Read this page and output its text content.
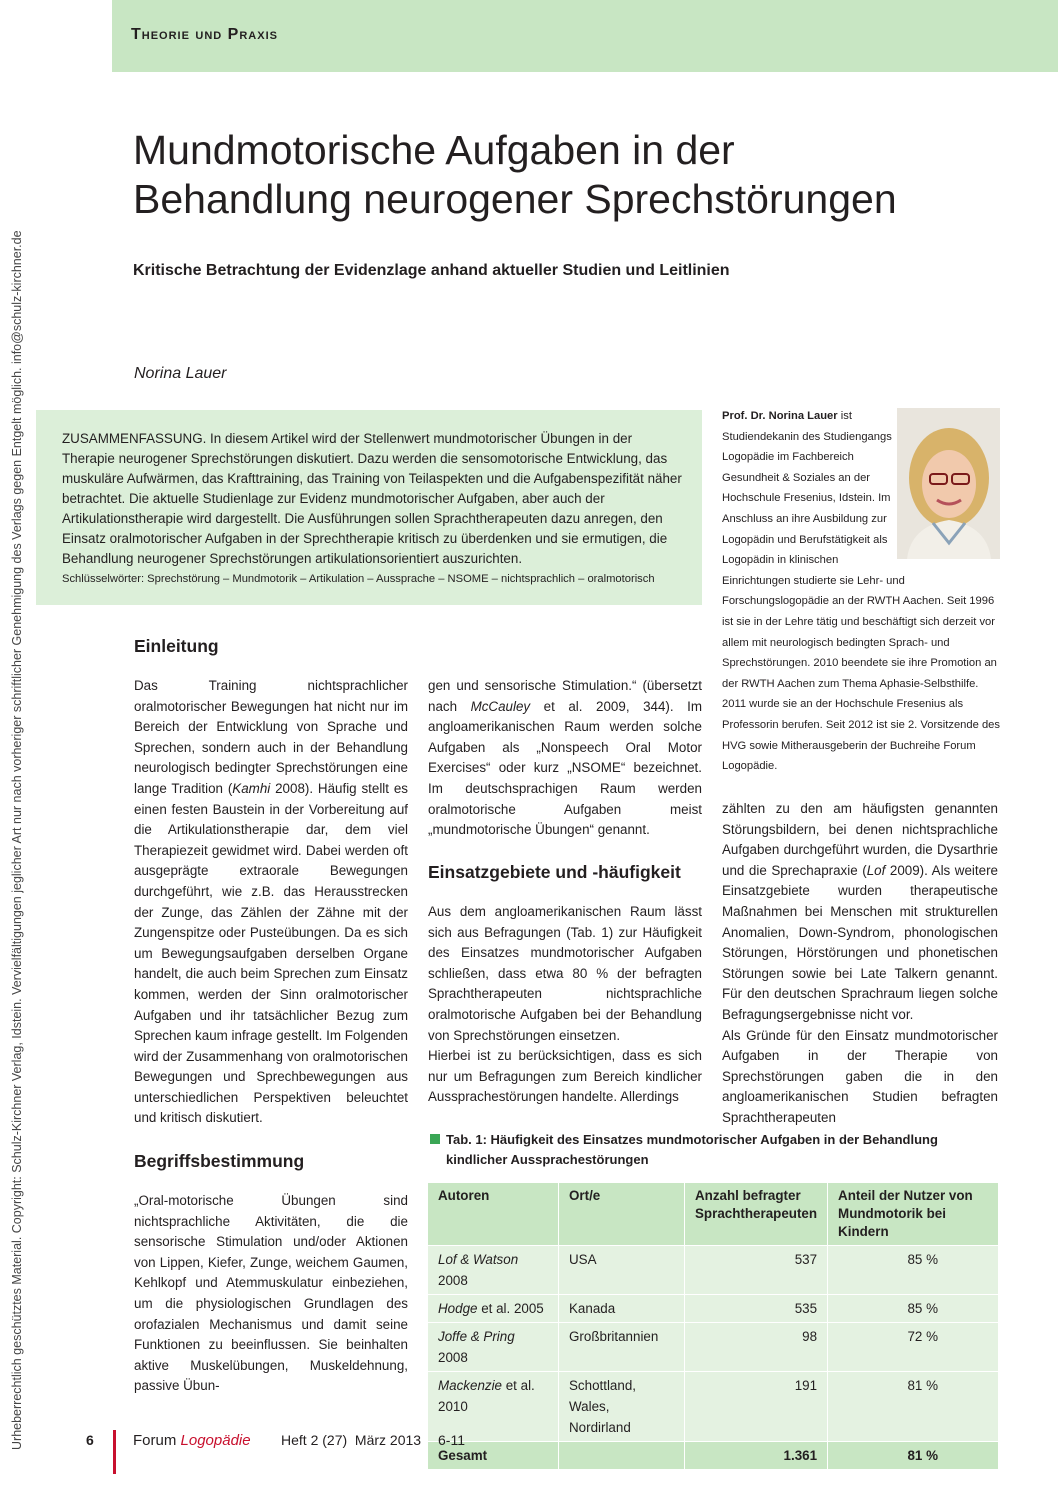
Theorie und Praxis
Urheberrechtlich geschütztes Material. Copyright: Schulz-Kirchner Verlag, Idstein. Vervielfältigungen jeglicher Art nur nach vorheriger schriftlicher Genehmigung des Verlags gegen Entgelt möglich. info@schulz-kirchner.de
Mundmotorische Aufgaben in der
Behandlung neurogener Sprechstörungen
Kritische Betrachtung der Evidenzlage anhand aktueller Studien und Leitlinien
Norina Lauer
ZUSAMMENFASSUNG. In diesem Artikel wird der Stellenwert mundmotorischer Übungen in der Therapie neurogener Sprechstörungen diskutiert. Dazu werden die sensomotorische Entwicklung, das muskuläre Aufwärmen, das Krafttraining, das Training von Teilaspekten und die Aufgabenspezifität näher betrachtet. Die aktuelle Studienlage zur Evidenz mundmotorischer Aufgaben, aber auch der Artikulationstherapie wird dargestellt. Die Ausführungen sollen Sprachtherapeuten dazu anregen, den Einsatz oralmotorischer Aufgaben in der Sprechtherapie kritisch zu überdenken und sie ermutigen, die Behandlung neurogener Sprechstörungen artikulationsorientiert auszurichten.
Schlüsselwörter: Sprechstörung – Mundmotorik – Artikulation – Aussprache – NSOME – nichtsprachlich – oralmotorisch
Prof. Dr. Norina Lauer ist Studiendekanin des Studiengangs Logopädie im Fachbereich Gesundheit & Soziales an der Hochschule Fresenius, Idstein. Im Anschluss an ihre Ausbildung zur Logopädin und Berufstätigkeit als Logopädin in klinischen Einrichtungen studierte sie Lehr- und Forschungslogopädie an der RWTH Aachen. Seit 1996 ist sie in der Lehre tätig und beschäftigt sich derzeit vor allem mit neurologisch bedingten Sprach- und Sprechstörungen. 2010 beendete sie ihre Promotion an der RWTH Aachen zum Thema Aphasie-Selbsthilfe. 2011 wurde sie an der Hochschule Fresenius als Professorin berufen. Seit 2012 ist sie 2. Vorsitzende des HVG sowie Mitherausgeberin der Buchreihe Forum Logopädie.
Einleitung
Das Training nichtsprachlicher oralmotorischer Bewegungen hat nicht nur im Bereich der Entwicklung von Sprache und Sprechen, sondern auch in der Behandlung neurologisch bedingter Sprechstörungen eine lange Tradition (Kamhi 2008). Häufig stellt es einen festen Baustein in der Vorbereitung auf die Artikulationstherapie dar, dem viel Therapiezeit gewidmet wird. Dabei werden oft ausgeprägte extraorale Bewegungen durchgeführt, wie z.B. das Herausstrecken der Zunge, das Zählen der Zähne mit der Zungenspitze oder Pusteübungen. Da es sich um Bewegungsaufgaben derselben Organe handelt, die auch beim Sprechen zum Einsatz kommen, werden der Sinn oralmotorischer Aufgaben und ihr tatsächlicher Bezug zum Sprechen kaum infrage gestellt. Im Folgenden wird der Zusammenhang von oralmotorischen Bewegungen und Sprechbewegungen aus unterschiedlichen Perspektiven beleuchtet und kritisch diskutiert.
Begriffsbestimmung
„Oral-motorische Übungen sind nichtsprachliche Aktivitäten, die die sensorische Stimulation und/oder Aktionen von Lippen, Kiefer, Zunge, weichem Gaumen, Kehlkopf und Atemmuskulatur einbeziehen, um die physiologischen Grundlagen des orofazialen Mechanismus und damit seine Funktionen zu beeinflussen. Sie beinhalten aktive Muskelübungen, Muskeldehnung, passive Übun-
gen und sensorische Stimulation.“ (übersetzt nach McCauley et al. 2009, 344). Im angloamerikanischen Raum werden solche Aufgaben als „Nonspeech Oral Motor Exercises“ oder kurz „NSOME“ bezeichnet. Im deutschsprachigen Raum werden oralmotorische Aufgaben meist „mundmotorische Übungen“ genannt.
Einsatzgebiete und -häufigkeit
Aus dem angloamerikanischen Raum lässt sich aus Befragungen (Tab. 1) zur Häufigkeit des Einsatzes mundmotorischer Aufgaben schließen, dass etwa 80 % der befragten Sprachtherapeuten nichtsprachliche oralmotorische Aufgaben bei der Behandlung von Sprechstörungen einsetzen.
Hierbei ist zu berücksichtigen, dass es sich nur um Befragungen zum Bereich kindlicher Aussprachestörungen handelte. Allerdings
zählten zu den am häufigsten genannten Störungsbildern, bei denen nichtsprachliche Aufgaben durchgeführt wurden, die Dysarthrie und die Sprechapraxie (Lof 2009). Als weitere Einsatzgebiete wurden therapeutische Maßnahmen bei Menschen mit strukturellen Anomalien, Down-Syndrom, phonologischen Störungen, Hörstörungen und phonetischen Störungen sowie bei Late Talkern genannt. Für den deutschen Sprachraum liegen solche Befragungsergebnisse nicht vor.
Als Gründe für den Einsatz mundmotorischer Aufgaben in der Therapie von Sprechstörungen gaben die in den angloamerikanischen Studien befragten Sprachtherapeuten
Tab. 1: Häufigkeit des Einsatzes mundmotorischer Aufgaben in der Behandlung
kindlicher Aussprachestörungen
Autoren	Ort/e	Anzahl befragter Sprachtherapeuten	Anteil der Nutzer von Mundmotorik bei Kindern
Lof & Watson 2008	USA	537	85 %
Hodge et al. 2005	Kanada	535	85 %
Joffe & Pring 2008	Großbritannien	98	72 %
Mackenzie et al. 2010	Schottland, Wales, Nordirland	191	81 %
Gesamt		1.361	81 %
6	Forum Logopädie Heft 2 (27)  März 2013 6-11
